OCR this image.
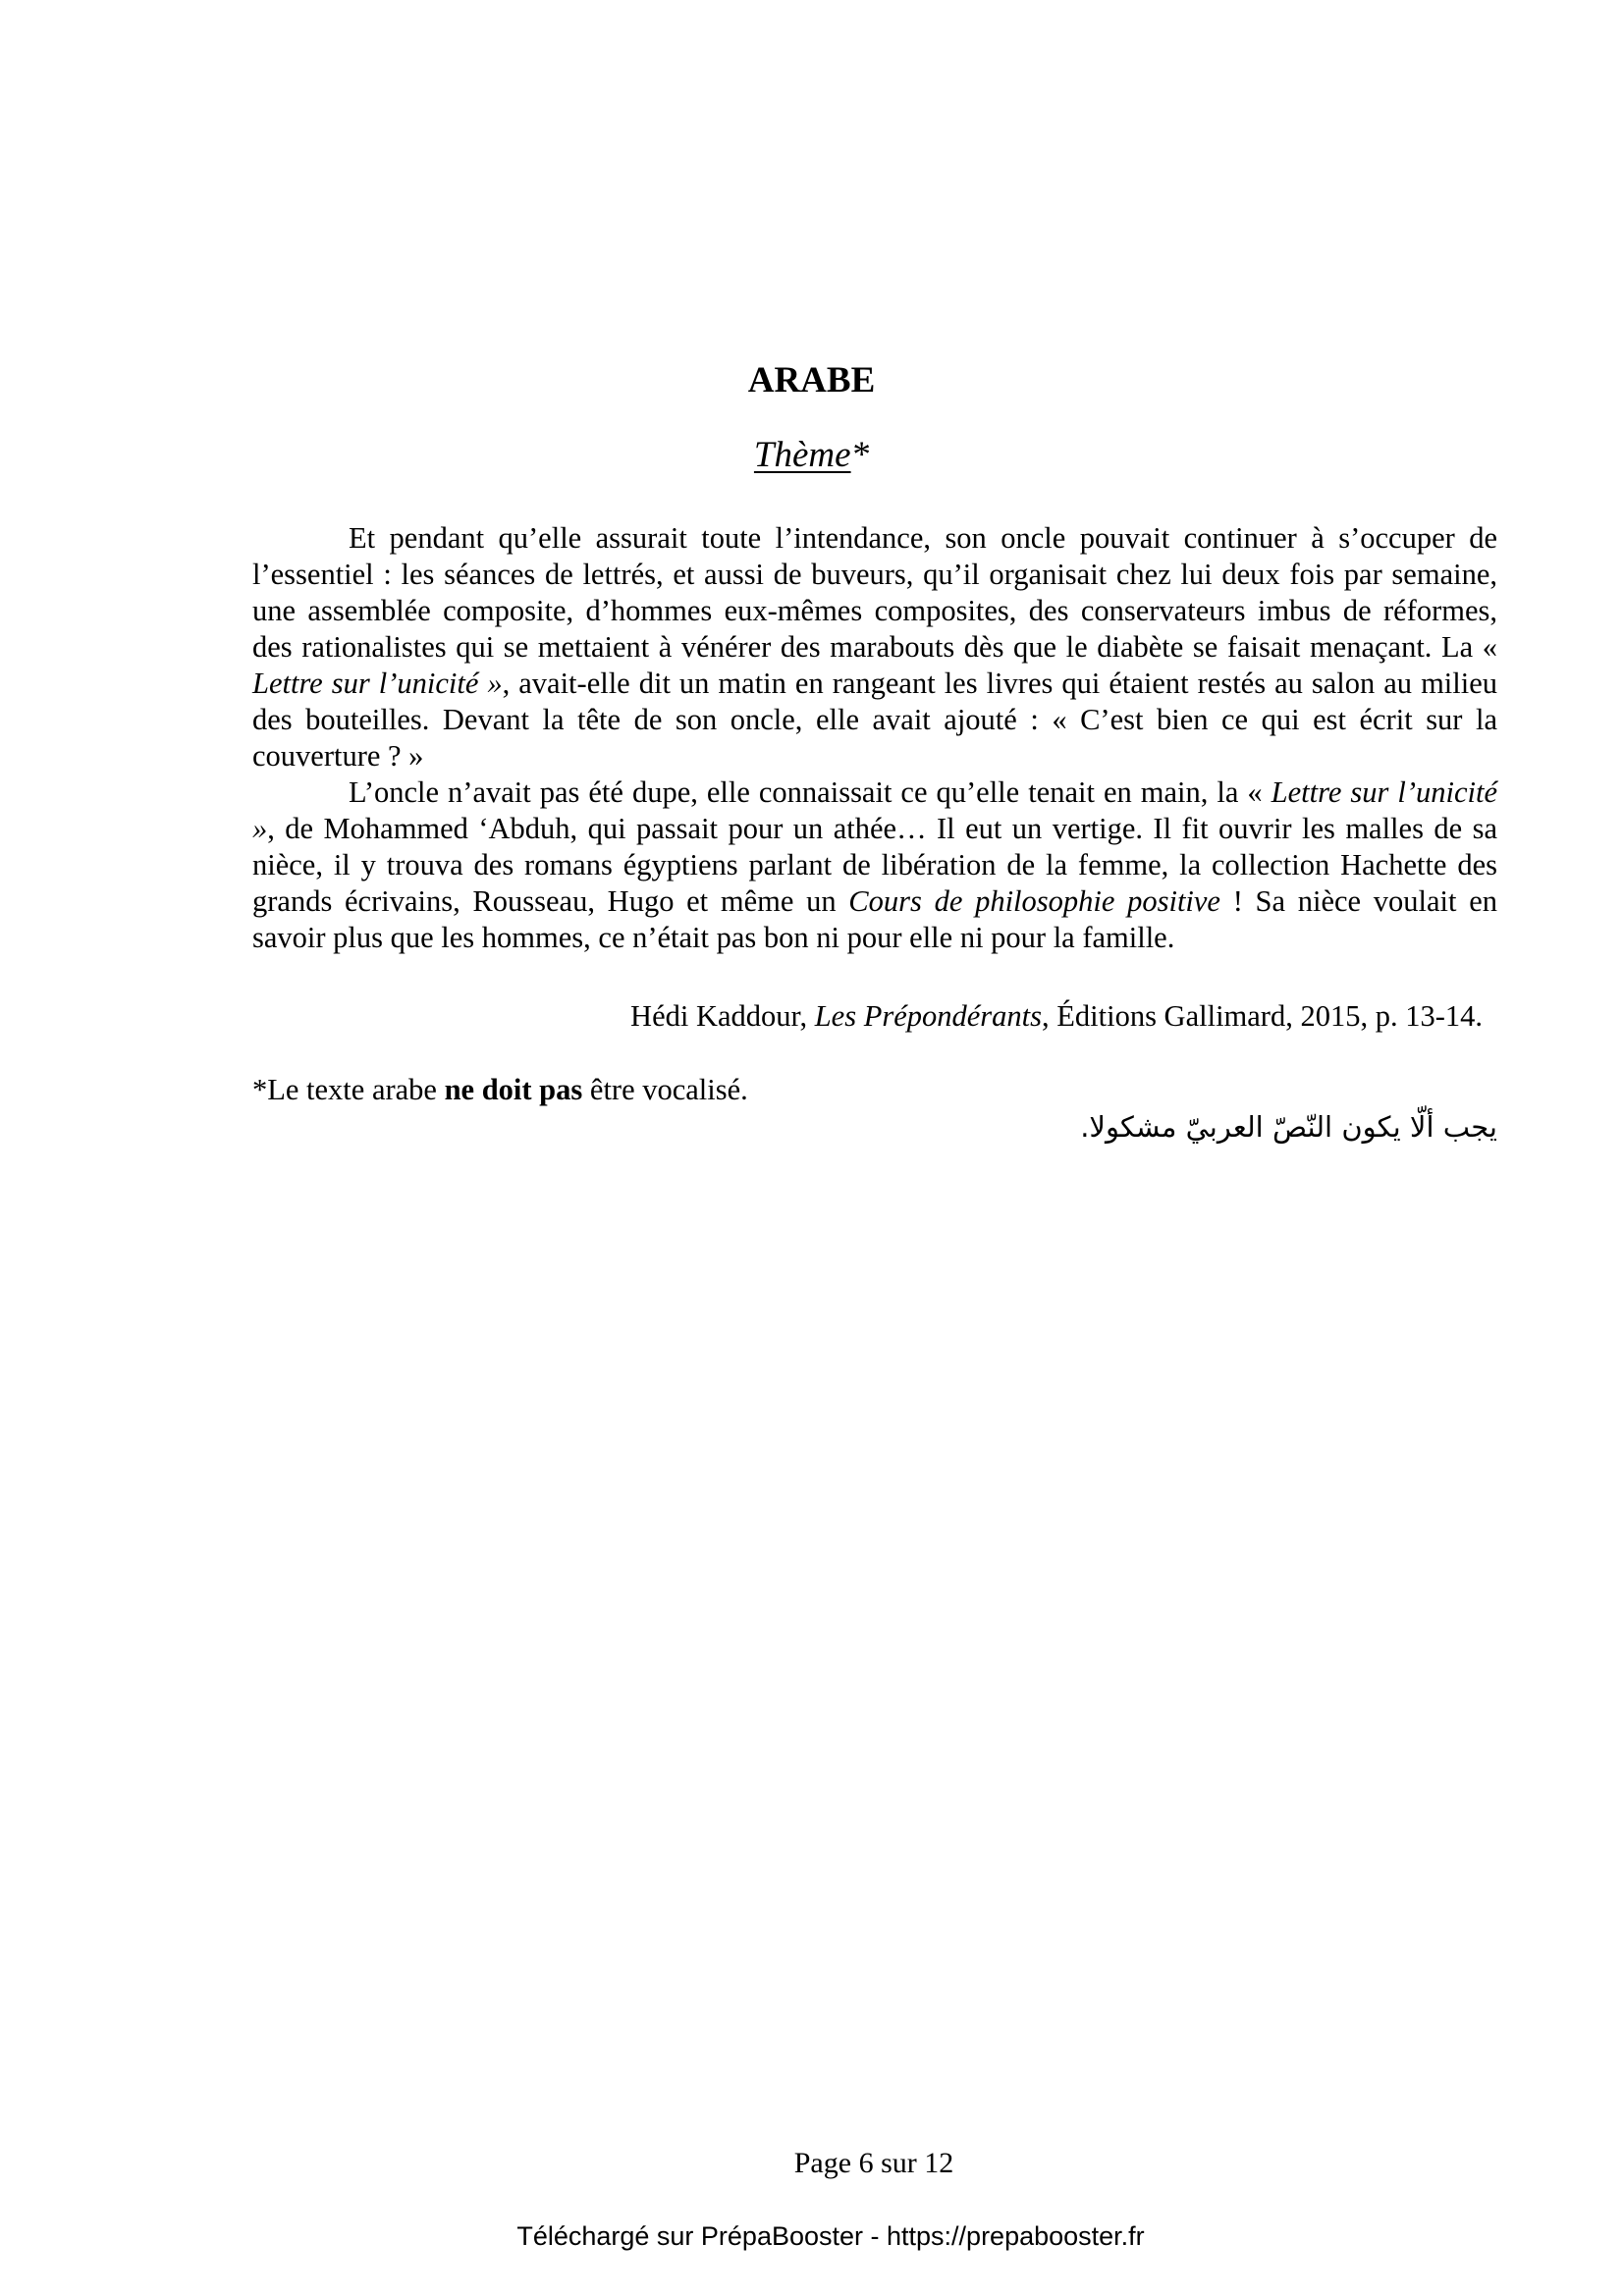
ARABE
Thème*

Et pendant qu’elle assurait toute l’intendance, son oncle pouvait continuer à s’occuper de l’essentiel : les séances de lettrés, et aussi de buveurs, qu’il organisait chez lui deux fois par semaine, une assemblée composite, d’hommes eux-mêmes composites, des conservateurs imbus de réformes, des rationalistes qui se mettaient à vénérer des marabouts dès que le diabète se faisait menaçant. La « Lettre sur l’unicité », avait-elle dit un matin en rangeant les livres qui étaient restés au salon au milieu des bouteilles. Devant la tête de son oncle, elle avait ajouté : « C’est bien ce qui est écrit sur la couverture ? »

L’oncle n’avait pas été dupe, elle connaissait ce qu’elle tenait en main, la « Lettre sur l’unicité », de Mohammed ‘Abduh, qui passait pour un athée… Il eut un vertige. Il fit ouvrir les malles de sa nièce, il y trouva des romans égyptiens parlant de libération de la femme, la collection Hachette des grands écrivains, Rousseau, Hugo et même un Cours de philosophie positive ! Sa nièce voulait en savoir plus que les hommes, ce n’était pas bon ni pour elle ni pour la famille.

Hédi Kaddour, Les Prépondérants, Éditions Gallimard, 2015, p. 13-14.
*Le texte arabe ne doit pas être vocalisé.
يجب ألّا يكون النّصّ العربيّ مشكولا.
Page 6 sur 12
Téléchargé sur PrépaBooster - https://prepabooster.fr
